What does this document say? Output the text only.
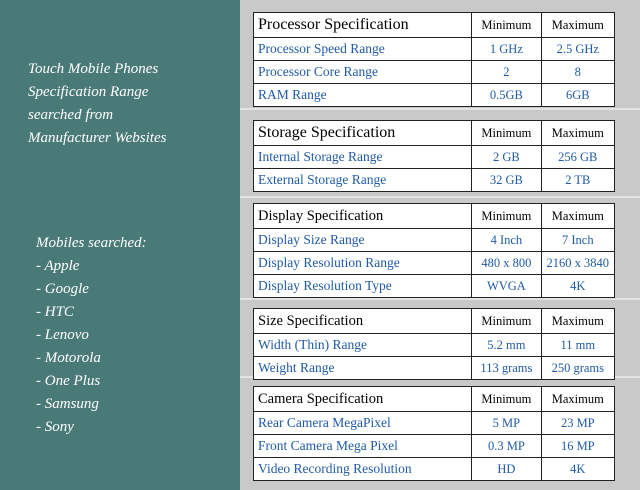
Touch Mobile Phones
Specification Range
searched from
Manufacturer Websites
Mobiles searched:
- Apple
- Google
- HTC
- Lenovo
- Motorola
- One Plus
- Samsung
- Sony
Processor Specification	Minimum	Maximum
Processor Speed Range	1 GHz	2.5 GHz
Processor Core Range	2	8
RAM Range	0.5GB	6GB
Storage Specification	Minimum	Maximum
Internal Storage Range	2 GB	256 GB
External Storage Range	32 GB	2 TB
Display Specification	Minimum	Maximum
Display Size Range	4 Inch	7 Inch
Display Resolution Range	480 x 800	2160 x 3840
Display Resolution Type	WVGA	4K
Size Specification	Minimum	Maximum
Width (Thin) Range	5.2 mm	11 mm
Weight Range	113 grams	250 grams
Camera Specification	Minimum	Maximum
Rear Camera MegaPixel	5 MP	23 MP
Front Camera Mega Pixel	0.3 MP	16 MP
Video Recording Resolution	HD	4K
